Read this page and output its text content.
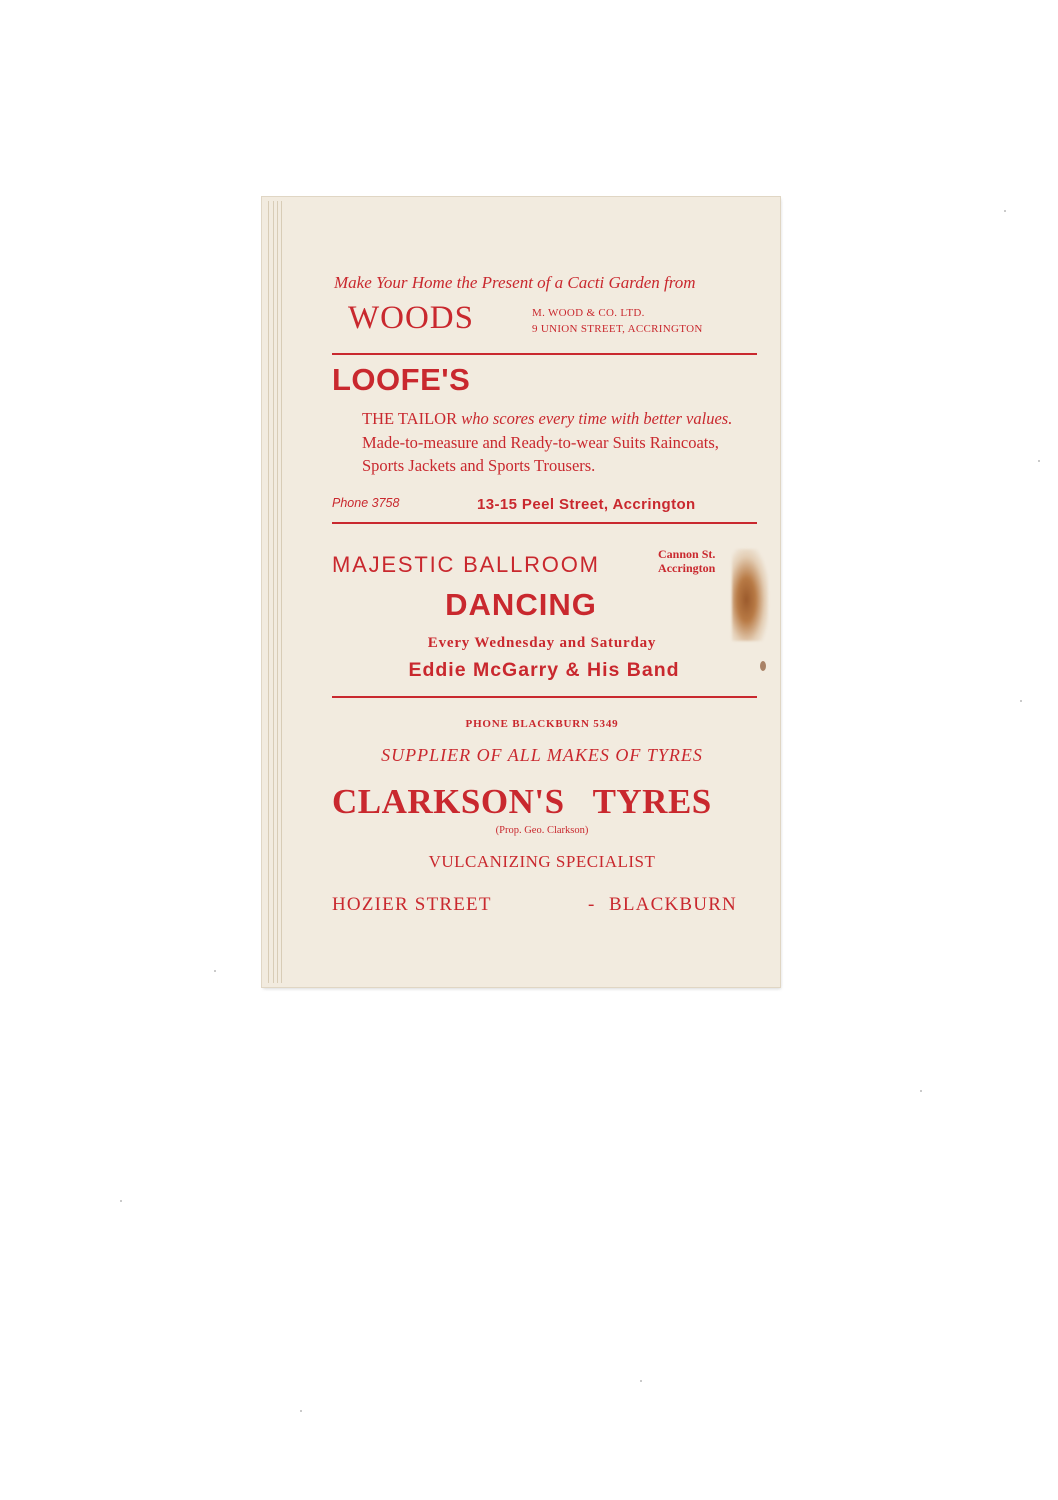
Make Your Home the Present of a Cacti Garden from
WOODS	M. WOOD & CO. LTD.
9 UNION STREET, ACCRINGTON
LOOFE'S
THE TAILOR who scores every time with better values. Made-to-measure and Ready-to-wear Suits Raincoats, Sports Jackets and Sports Trousers.
Phone 3758	13-15 Peel Street, Accrington
MAJESTIC BALLROOM	Cannon St.
Accrington
DANCING
Every Wednesday and Saturday
Eddie McGarry & His Band
PHONE BLACKBURN 5349
SUPPLIER OF ALL MAKES OF TYRES
CLARKSON'S TYRES
(Prop. Geo. Clarkson)
VULCANIZING SPECIALIST
HOZIER STREET	- BLACKBURN
